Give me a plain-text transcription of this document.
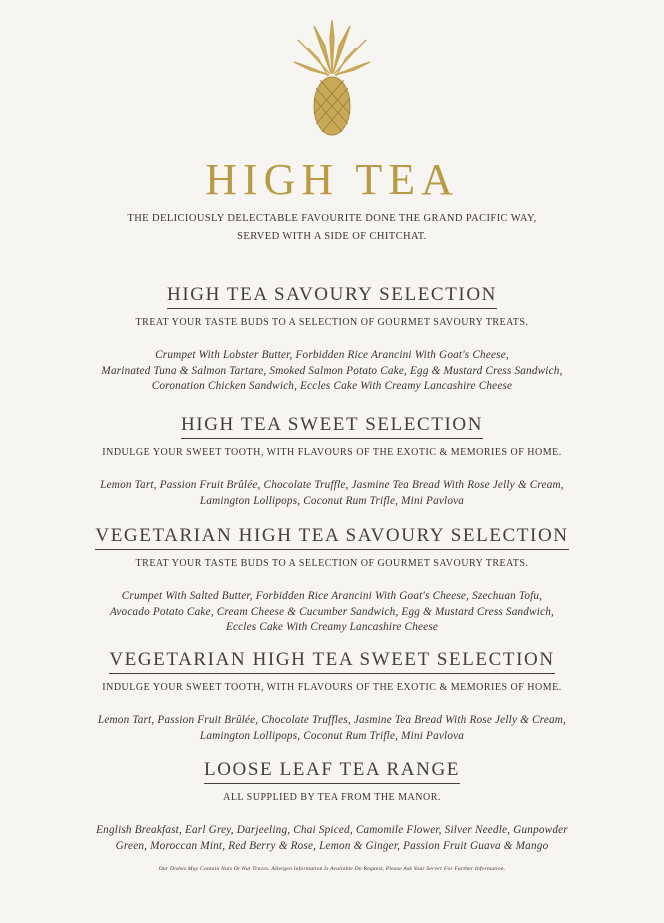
HIGH TEA
THE DELICIOUSLY DELECTABLE FAVOURITE DONE THE GRAND PACIFIC WAY,
SERVED WITH A SIDE OF CHITCHAT.
HIGH TEA SAVOURY SELECTION
TREAT YOUR TASTE BUDS TO A SELECTION OF GOURMET SAVOURY TREATS.
Crumpet With Lobster Butter, Forbidden Rice Arancini With Goat's Cheese,
Marinated Tuna & Salmon Tartare, Smoked Salmon Potato Cake, Egg & Mustard Cress Sandwich,
Coronation Chicken Sandwich, Eccles Cake With Creamy Lancashire Cheese
HIGH TEA SWEET SELECTION
INDULGE YOUR SWEET TOOTH, WITH FLAVOURS OF THE EXOTIC & MEMORIES OF HOME.
Lemon Tart, Passion Fruit Brûlée, Chocolate Truffle, Jasmine Tea Bread With Rose Jelly & Cream,
Lamington Lollipops, Coconut Rum Trifle, Mini Pavlova
VEGETARIAN HIGH TEA SAVOURY SELECTION
TREAT YOUR TASTE BUDS TO A SELECTION OF GOURMET SAVOURY TREATS.
Crumpet With Salted Butter, Forbidden Rice Arancini With Goat's Cheese, Szechuan Tofu,
Avocado Potato Cake, Cream Cheese & Cucumber Sandwich, Egg & Mustard Cress Sandwich,
Eccles Cake With Creamy Lancashire Cheese
VEGETARIAN HIGH TEA SWEET SELECTION
INDULGE YOUR SWEET TOOTH, WITH FLAVOURS OF THE EXOTIC & MEMORIES OF HOME.
Lemon Tart, Passion Fruit Brûlée, Chocolate Truffles, Jasmine Tea Bread With Rose Jelly & Cream,
Lamington Lollipops, Coconut Rum Trifle, Mini Pavlova
LOOSE LEAF TEA RANGE
ALL SUPPLIED BY TEA FROM THE MANOR.
English Breakfast, Earl Grey, Darjeeling, Chai Spiced, Camomile Flower, Silver Needle, Gunpowder
Green, Moroccan Mint, Red Berry & Rose, Lemon & Ginger, Passion Fruit Guava & Mango
Our Dishes May Contain Nuts Or Nut Traces. Allergen Information Is Available On Request, Please Ask Your Server For Further Information.
